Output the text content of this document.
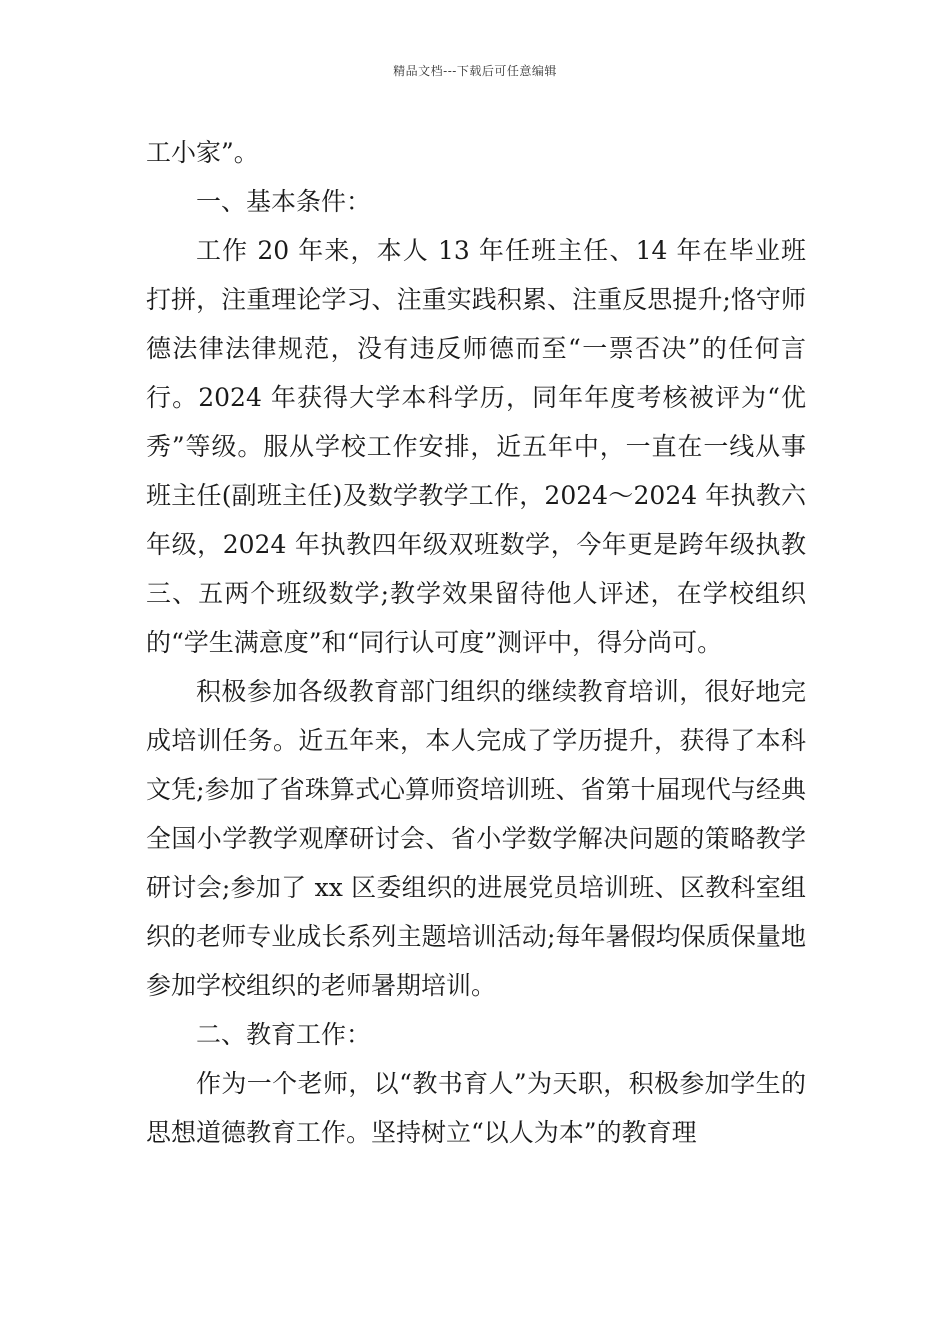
精品文档---下载后可任意编辑

工小家”。

一、基本条件：

工作 20 年来，本人 13 年任班主任、14 年在毕业班打拼，注重理论学习、注重实践积累、注重反思提升;恪守师德法律法律规范，没有违反师德而至“一票否决”的任何言行。2024 年获得大学本科学历，同年年度考核被评为“优秀”等级。服从学校工作安排，近五年中，一直在一线从事班主任(副班主任)及数学教学工作，2024～2024 年执教六年级，2024 年执教四年级双班数学，今年更是跨年级执教三、五两个班级数学;教学效果留待他人评述，在学校组织的“学生满意度”和“同行认可度”测评中，得分尚可。

积极参加各级教育部门组织的继续教育培训，很好地完成培训任务。近五年来，本人完成了学历提升，获得了本科文凭;参加了省珠算式心算师资培训班、省第十届现代与经典全国小学教学观摩研讨会、省小学数学解决问题的策略教学研讨会;参加了 xx 区委组织的进展党员培训班、区教科室组织的老师专业成长系列主题培训活动;每年暑假均保质保量地参加学校组织的老师暑期培训。

二、教育工作：

作为一个老师，以“教书育人”为天职，积极参加学生的思想道德教育工作。坚持树立“以人为本”的教育理
